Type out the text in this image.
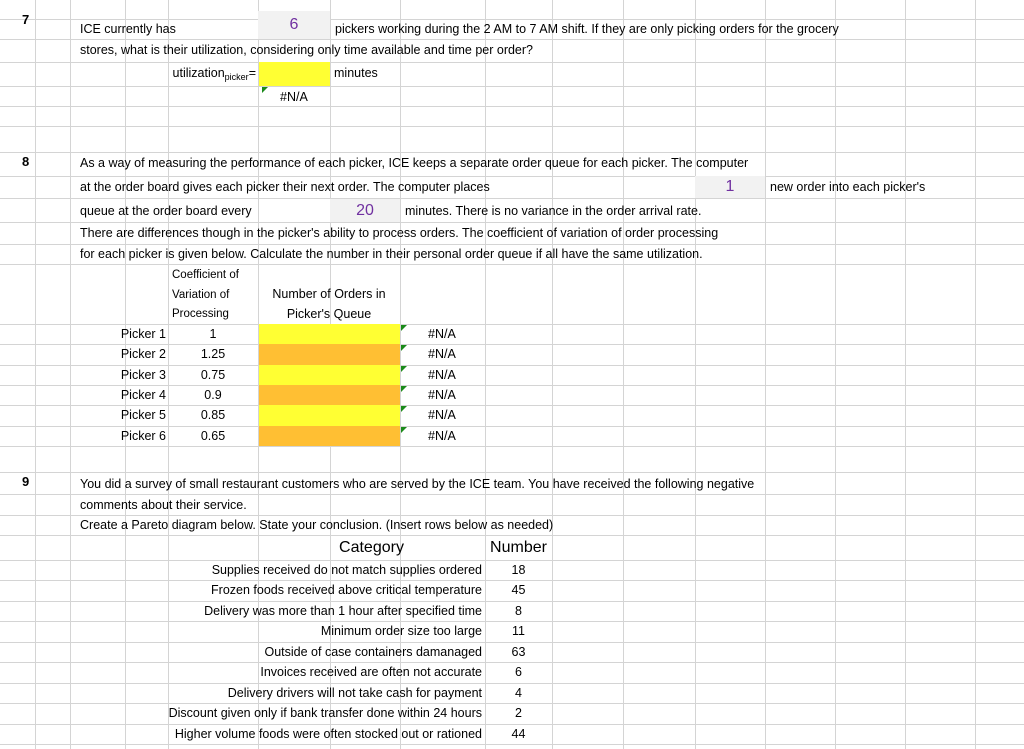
7
ICE currently has	6	pickers working during the 2 AM to 7 AM shift. If they are only picking orders for the grocery
stores, what is their utilization, considering only time available and time per order?
utilization$_{picker}$=	minutes
#N/A
8	As a way of measuring the performance of each picker, ICE keeps a separate order queue for each picker. The computer
at the order board gives each picker their next order. The computer places	1	new order into each picker's
queue at the order board every	20	minutes. There is no variance in the order arrival rate.
There are differences though in the picker's ability to process orders. The coefficient of variation of order processing
for each picker is given below. Calculate the number in their personal order queue if all have the same utilization.
Coefficient of
Variation of
Processing
Number of Orders in
Picker's Queue
Picker 1	1	#N/A
Picker 2	1.25	#N/A
Picker 3	0.75	#N/A
Picker 4	0.9	#N/A
Picker 5	0.85	#N/A
Picker 6	0.65	#N/A
9	You did a survey of small restaurant customers who are served by the ICE team. You have received the following negative
comments about their service.
Create a Pareto diagram below. State your conclusion. (Insert rows below as needed)
Category	Number
Supplies received do not match supplies ordered	18
Frozen foods received above critical temperature	45
Delivery was more than 1 hour after specified time	8
Minimum order size too large	11
Outside of case containers damanaged	63
Invoices received are often not accurate	6
Delivery drivers will not take cash for payment	4
Discount given only if bank transfer done within 24 hours	2
Higher volume foods were often stocked out or rationed	44
